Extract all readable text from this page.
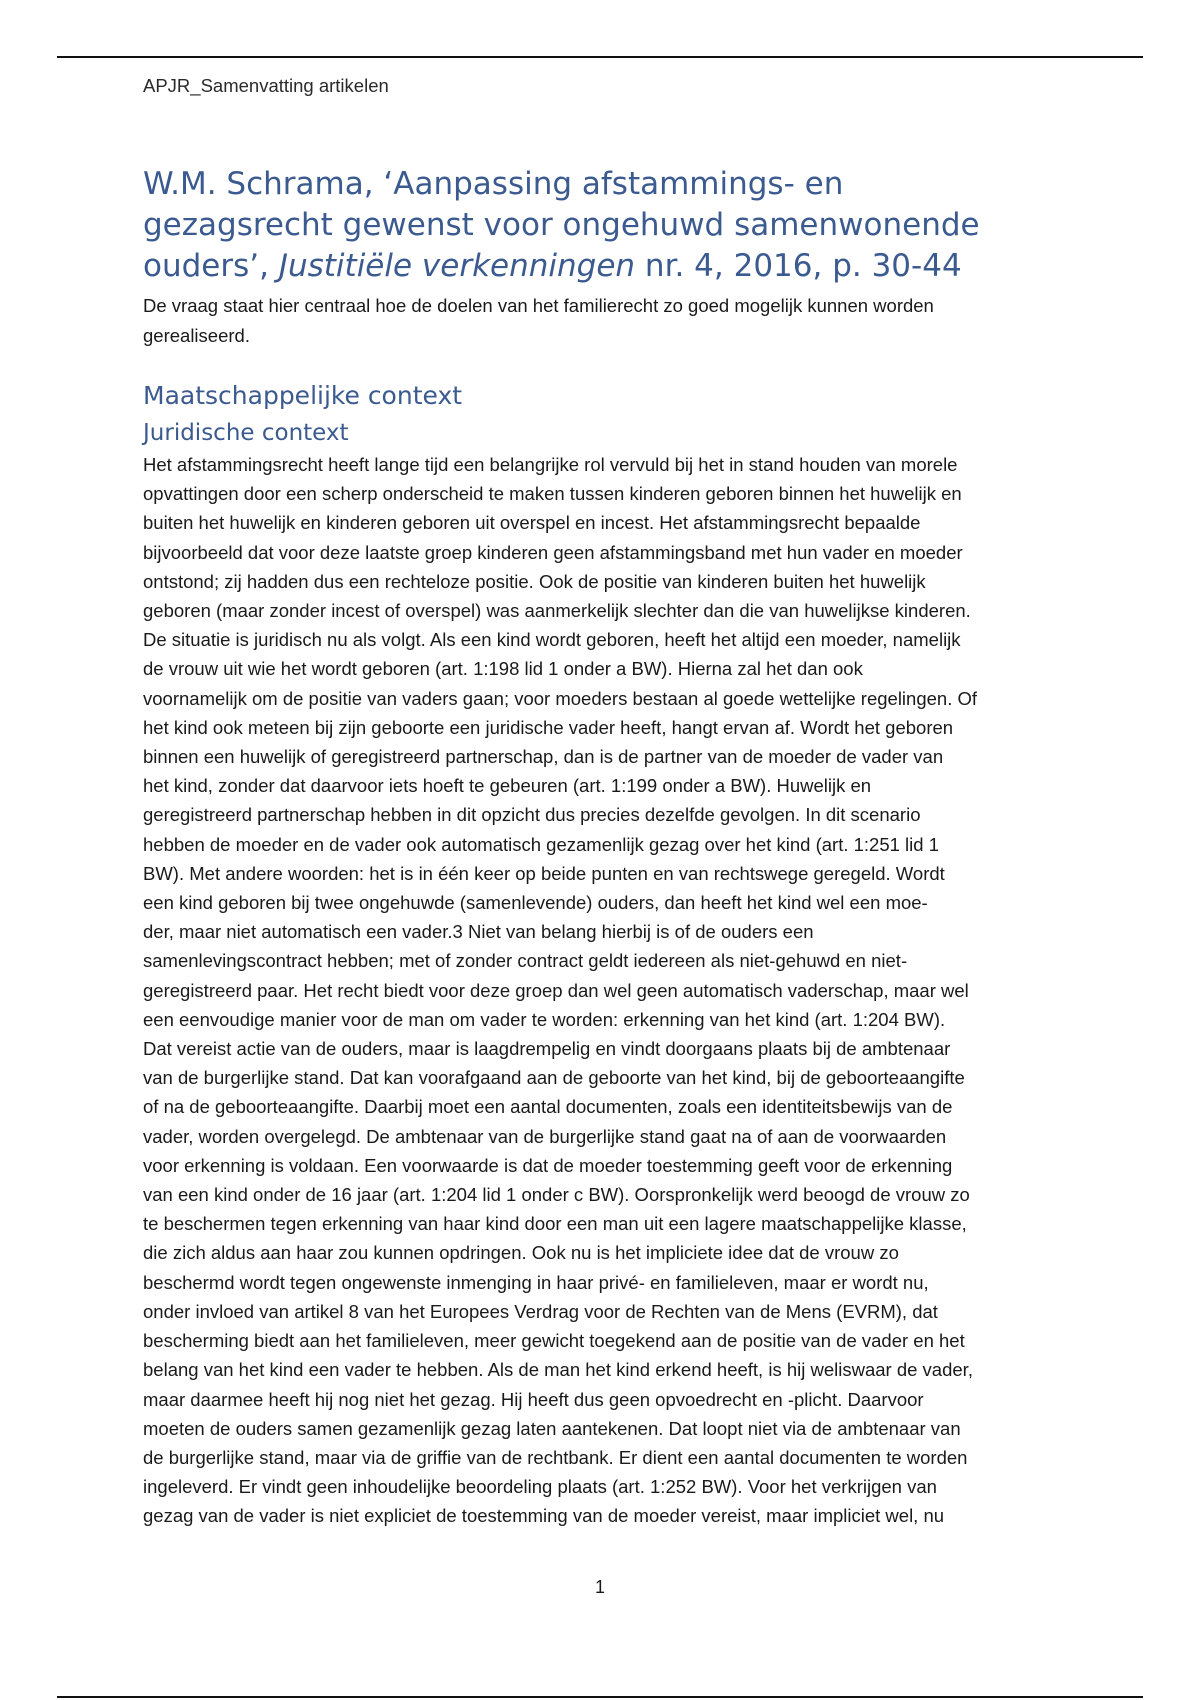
APJR_Samenvatting artikelen
W.M. Schrama, ‘Aanpassing afstammings- en
gezagsrecht gewenst voor ongehuwd samenwonende
ouders’, Justitiële verkenningen nr. 4, 2016, p. 30-44

De vraag staat hier centraal hoe de doelen van het familierecht zo goed mogelijk kunnen worden
gerealiseerd.

Maatschappelijke context
Juridische context
Het afstammingsrecht heeft lange tijd een belangrijke rol vervuld bij het in stand houden van morele
opvattingen door een scherp onderscheid te maken tussen kinderen geboren binnen het huwelijk en
buiten het huwelijk en kinderen geboren uit overspel en incest. Het afstammingsrecht bepaalde
bijvoorbeeld dat voor deze laatste groep kinderen geen afstammingsband met hun vader en moeder
ontstond; zij hadden dus een rechteloze positie. Ook de positie van kinderen buiten het huwelijk
geboren (maar zonder incest of overspel) was aanmerkelijk slechter dan die van huwelijkse kinderen.
De situatie is juridisch nu als volgt. Als een kind wordt geboren, heeft het altijd een moeder, namelijk
de vrouw uit wie het wordt geboren (art. 1:198 lid 1 onder a BW). Hierna zal het dan ook
voornamelijk om de positie van vaders gaan; voor moeders bestaan al goede wettelijke regelingen. Of
het kind ook meteen bij zijn geboorte een juridische vader heeft, hangt ervan af. Wordt het geboren
binnen een huwelijk of geregistreerd partnerschap, dan is de partner van de moeder de vader van
het kind, zonder dat daarvoor iets hoeft te gebeuren (art. 1:199 onder a BW). Huwelijk en
geregistreerd partnerschap hebben in dit opzicht dus precies dezelfde gevolgen. In dit scenario
hebben de moeder en de vader ook automatisch gezamenlijk gezag over het kind (art. 1:251 lid 1
BW). Met andere woorden: het is in één keer op beide punten en van rechtswege geregeld. Wordt
een kind geboren bij twee ongehuwde (samenlevende) ouders, dan heeft het kind wel een moe-
der, maar niet automatisch een vader.3 Niet van belang hierbij is of de ouders een
samenlevingscontract hebben; met of zonder contract geldt iedereen als niet-gehuwd en niet-
geregistreerd paar. Het recht biedt voor deze groep dan wel geen automatisch vaderschap, maar wel
een eenvoudige manier voor de man om vader te worden: erkenning van het kind (art. 1:204 BW).
Dat vereist actie van de ouders, maar is laagdrempelig en vindt doorgaans plaats bij de ambtenaar
van de burgerlijke stand. Dat kan voorafgaand aan de geboorte van het kind, bij de geboorteaangifte
of na de geboorteaangifte. Daarbij moet een aantal documenten, zoals een identiteitsbewijs van de
vader, worden overgelegd. De ambtenaar van de burgerlijke stand gaat na of aan de voorwaarden
voor erkenning is voldaan. Een voorwaarde is dat de moeder toestemming geeft voor de erkenning
van een kind onder de 16 jaar (art. 1:204 lid 1 onder c BW). Oorspronkelijk werd beoogd de vrouw zo
te beschermen tegen erkenning van haar kind door een man uit een lagere maatschappelijke klasse,
die zich aldus aan haar zou kunnen opdringen. Ook nu is het impliciete idee dat de vrouw zo
beschermd wordt tegen ongewenste inmenging in haar privé- en familieleven, maar er wordt nu,
onder invloed van artikel 8 van het Europees Verdrag voor de Rechten van de Mens (EVRM), dat
bescherming biedt aan het familieleven, meer gewicht toegekend aan de positie van de vader en het
belang van het kind een vader te hebben. Als de man het kind erkend heeft, is hij weliswaar de vader,
maar daarmee heeft hij nog niet het gezag. Hij heeft dus geen opvoedrecht en -plicht. Daarvoor
moeten de ouders samen gezamenlijk gezag laten aantekenen. Dat loopt niet via de ambtenaar van
de burgerlijke stand, maar via de griffie van de rechtbank. Er dient een aantal documenten te worden
ingeleverd. Er vindt geen inhoudelijke beoordeling plaats (art. 1:252 BW). Voor het verkrijgen van
gezag van de vader is niet expliciet de toestemming van de moeder vereist, maar impliciet wel, nu
1
